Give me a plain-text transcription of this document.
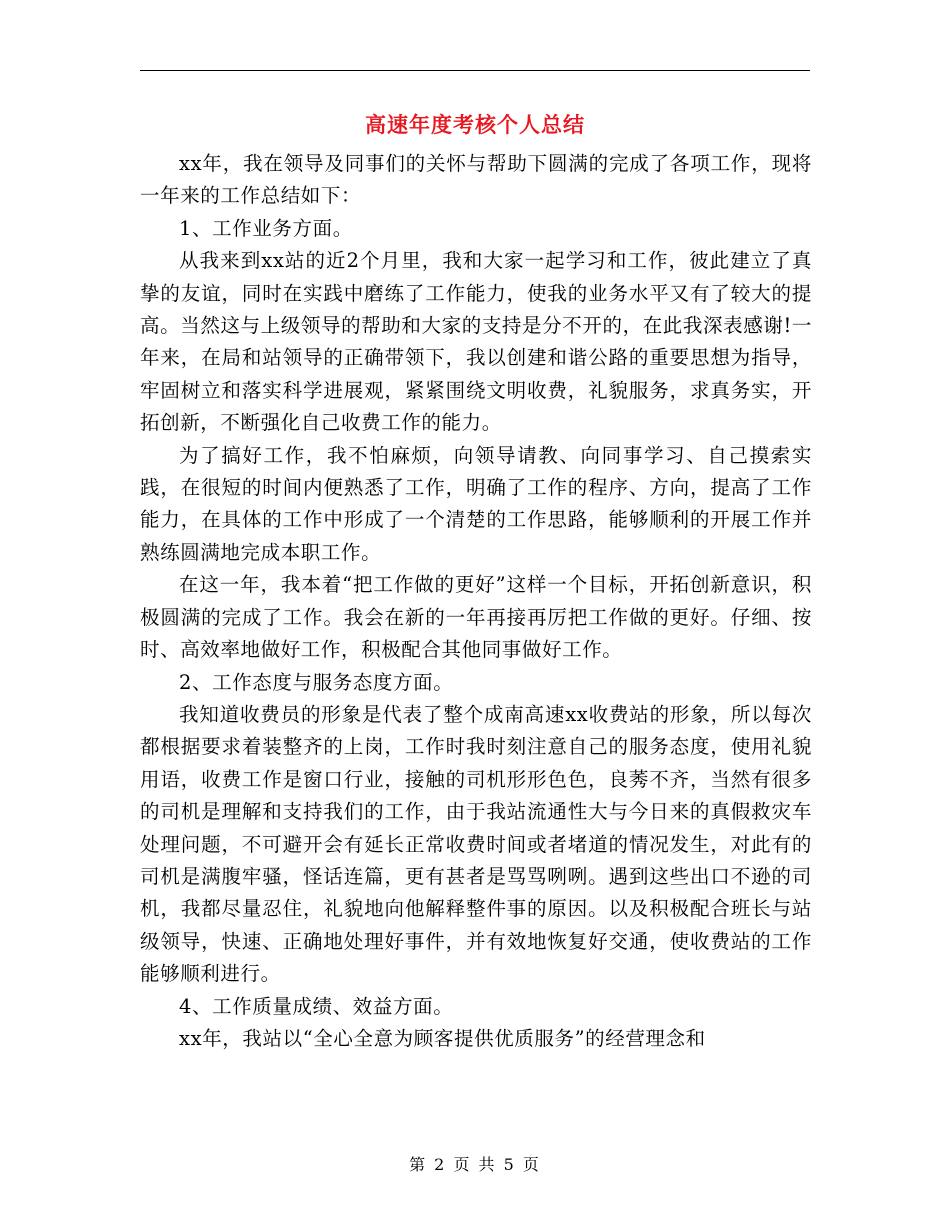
高速年度考核个人总结

xx年，我在领导及同事们的关怀与帮助下圆满的完成了各项工作，现将一年来的工作总结如下：

1、工作业务方面。

从我来到xx站的近2个月里，我和大家一起学习和工作，彼此建立了真挚的友谊，同时在实践中磨练了工作能力，使我的业务水平又有了较大的提高。当然这与上级领导的帮助和大家的支持是分不开的，在此我深表感谢!一年来，在局和站领导的正确带领下，我以创建和谐公路的重要思想为指导，牢固树立和落实科学进展观，紧紧围绕文明收费，礼貌服务，求真务实，开拓创新，不断强化自己收费工作的能力。

为了搞好工作，我不怕麻烦，向领导请教、向同事学习、自己摸索实践，在很短的时间内便熟悉了工作，明确了工作的程序、方向，提高了工作能力，在具体的工作中形成了一个清楚的工作思路，能够顺利的开展工作并熟练圆满地完成本职工作。

在这一年，我本着“把工作做的更好”这样一个目标，开拓创新意识，积极圆满的完成了工作。我会在新的一年再接再厉把工作做的更好。仔细、按时、高效率地做好工作，积极配合其他同事做好工作。

2、工作态度与服务态度方面。

我知道收费员的形象是代表了整个成南高速xx收费站的形象，所以每次都根据要求着装整齐的上岗，工作时我时刻注意自己的服务态度，使用礼貌用语，收费工作是窗口行业，接触的司机形形色色，良莠不齐，当然有很多的司机是理解和支持我们的工作，由于我站流通性大与今日来的真假救灾车处理问题，不可避开会有延长正常收费时间或者堵道的情况发生，对此有的司机是满腹牢骚，怪话连篇，更有甚者是骂骂咧咧。遇到这些出口不逊的司机，我都尽量忍住，礼貌地向他解释整件事的原因。以及积极配合班长与站级领导，快速、正确地处理好事件，并有效地恢复好交通，使收费站的工作能够顺利进行。

4、工作质量成绩、效益方面。

xx年，我站以“全心全意为顾客提供优质服务”的经营理念和

第 2 页 共 5 页
